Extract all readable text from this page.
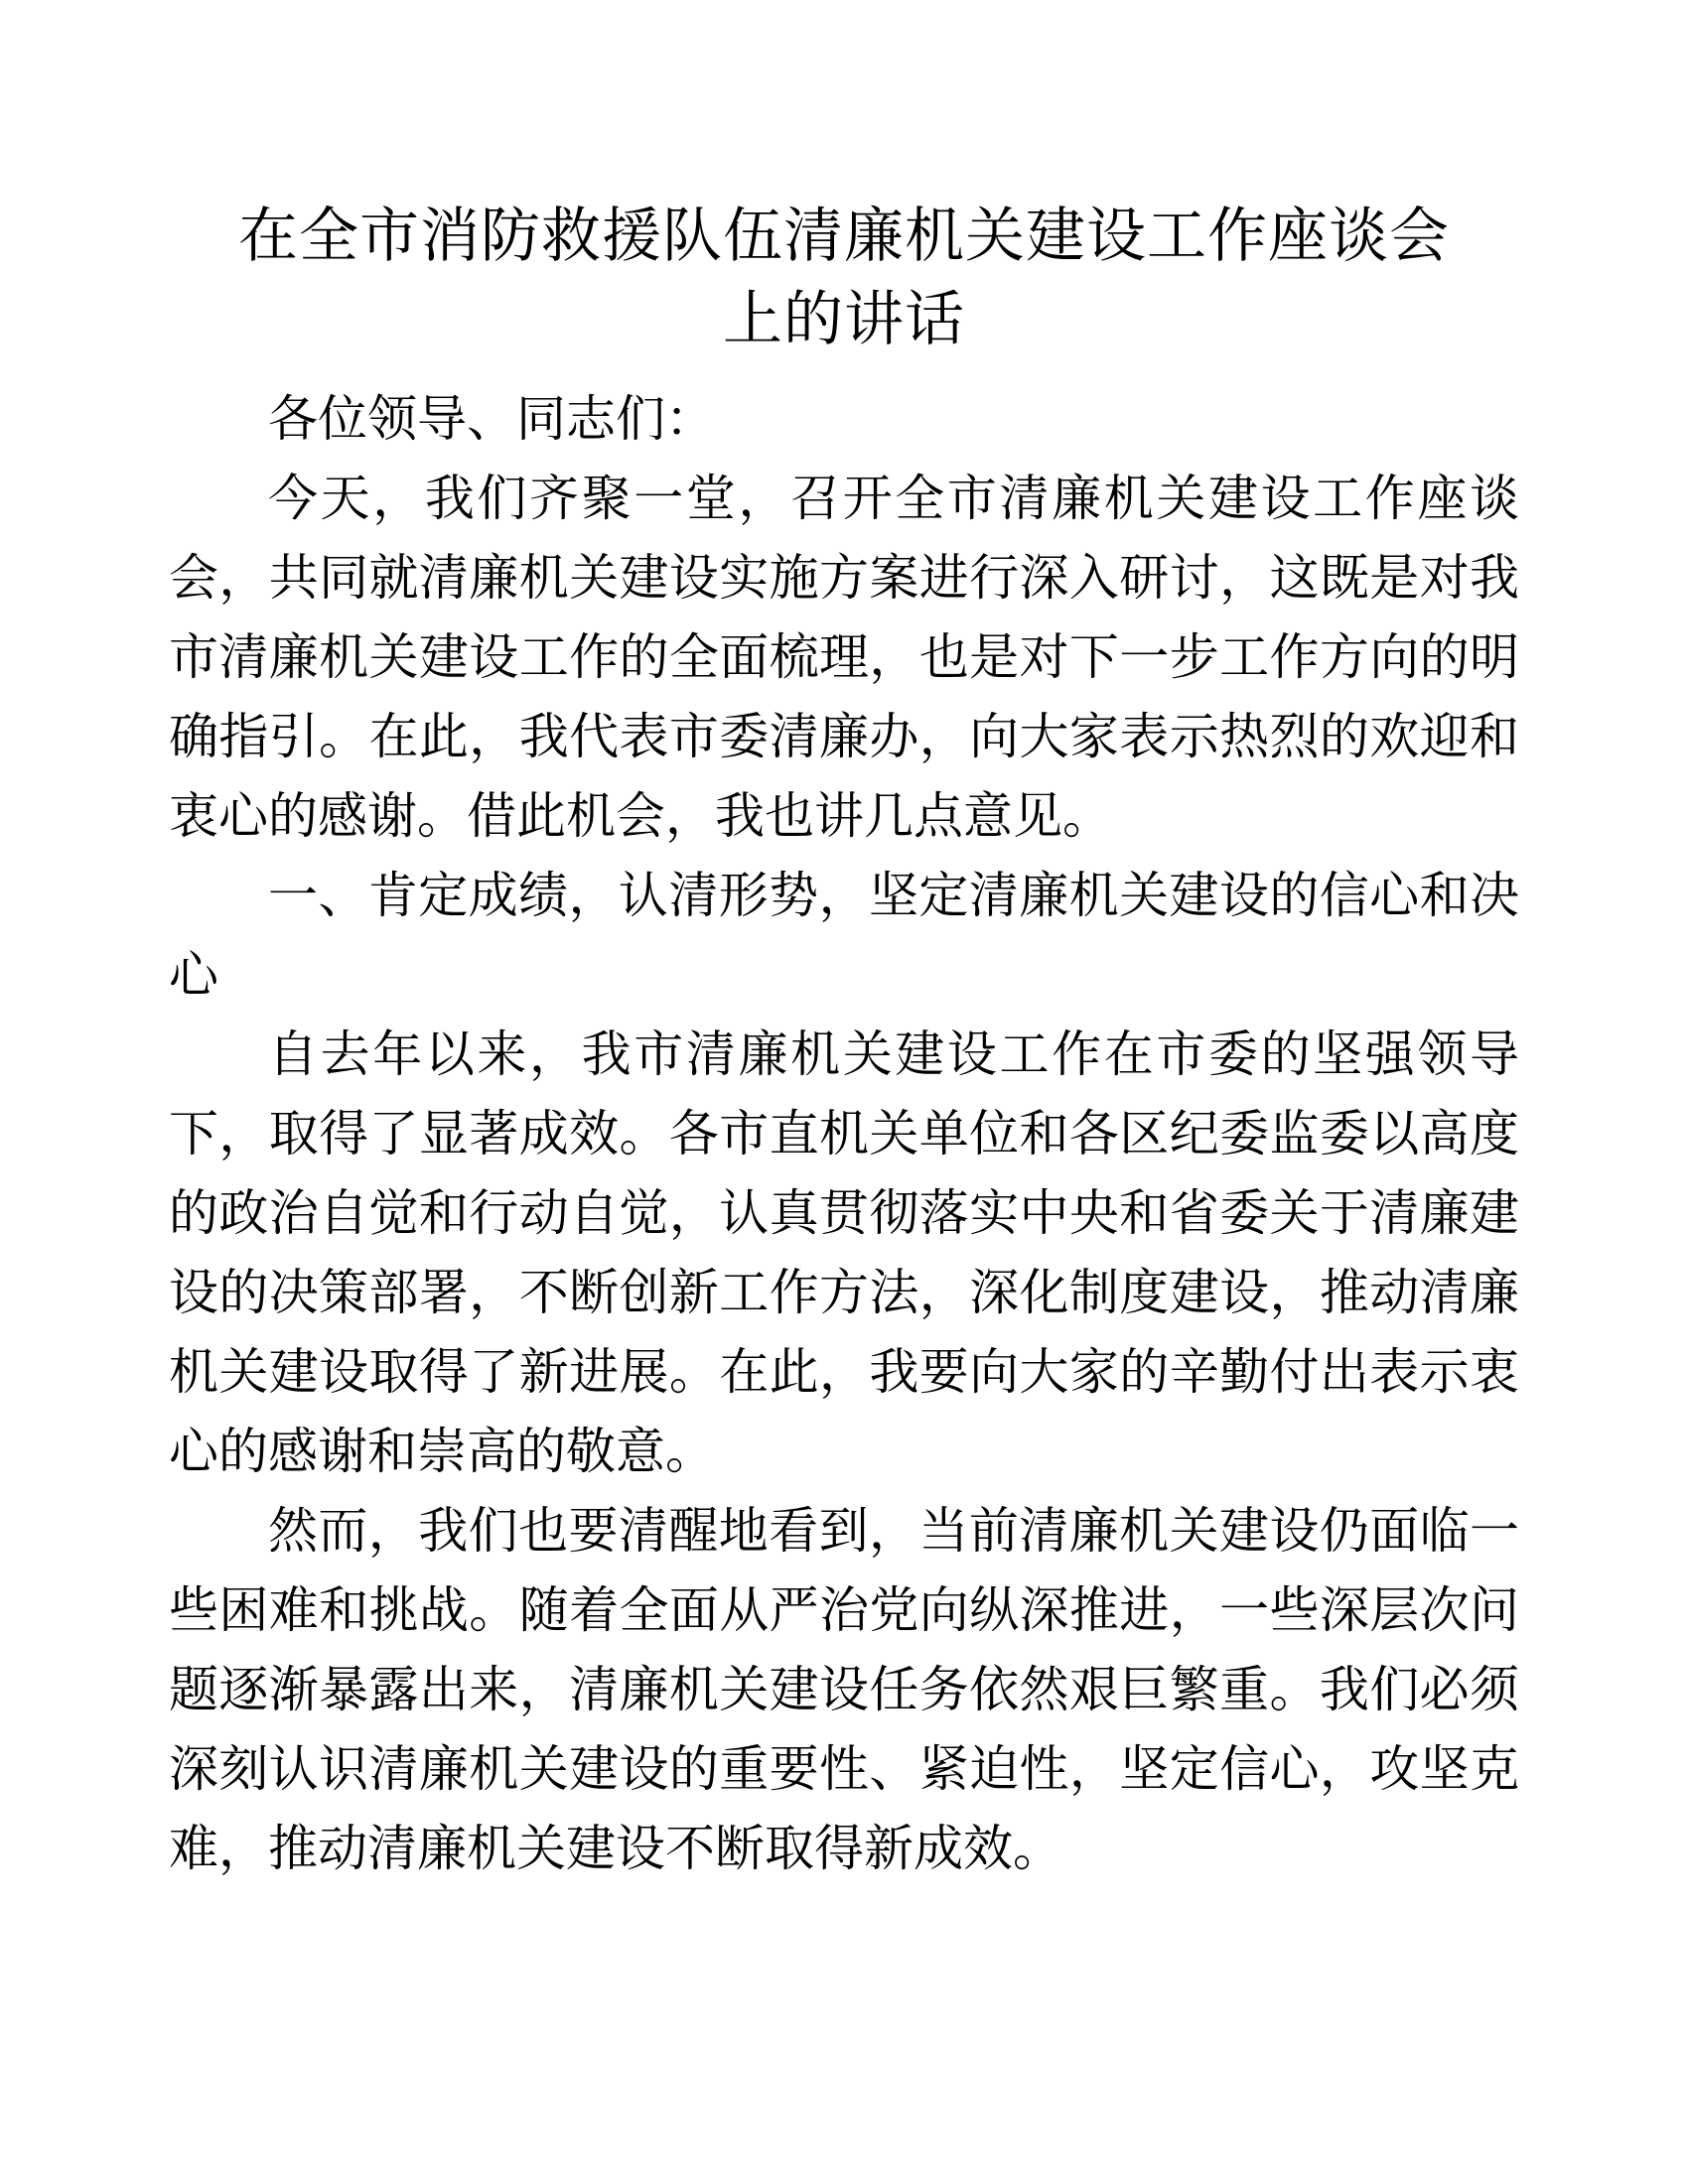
在全市消防救援队伍清廉机关建设工作座谈会
上的讲话

各位领导、同志们：

今天，我们齐聚一堂，召开全市清廉机关建设工作座谈会，共同就清廉机关建设实施方案进行深入研讨，这既是对我市清廉机关建设工作的全面梳理，也是对下一步工作方向的明确指引。在此，我代表市委清廉办，向大家表示热烈的欢迎和衷心的感谢。借此机会，我也讲几点意见。

一、肯定成绩，认清形势，坚定清廉机关建设的信心和决心

自去年以来，我市清廉机关建设工作在市委的坚强领导下，取得了显著成效。各市直机关单位和各区纪委监委以高度的政治自觉和行动自觉，认真贯彻落实中央和省委关于清廉建设的决策部署，不断创新工作方法，深化制度建设，推动清廉机关建设取得了新进展。在此，我要向大家的辛勤付出表示衷心的感谢和崇高的敬意。

然而，我们也要清醒地看到，当前清廉机关建设仍面临一些困难和挑战。随着全面从严治党向纵深推进，一些深层次问题逐渐暴露出来，清廉机关建设任务依然艰巨繁重。我们必须深刻认识清廉机关建设的重要性、紧迫性，坚定信心，攻坚克难，推动清廉机关建设不断取得新成效。
